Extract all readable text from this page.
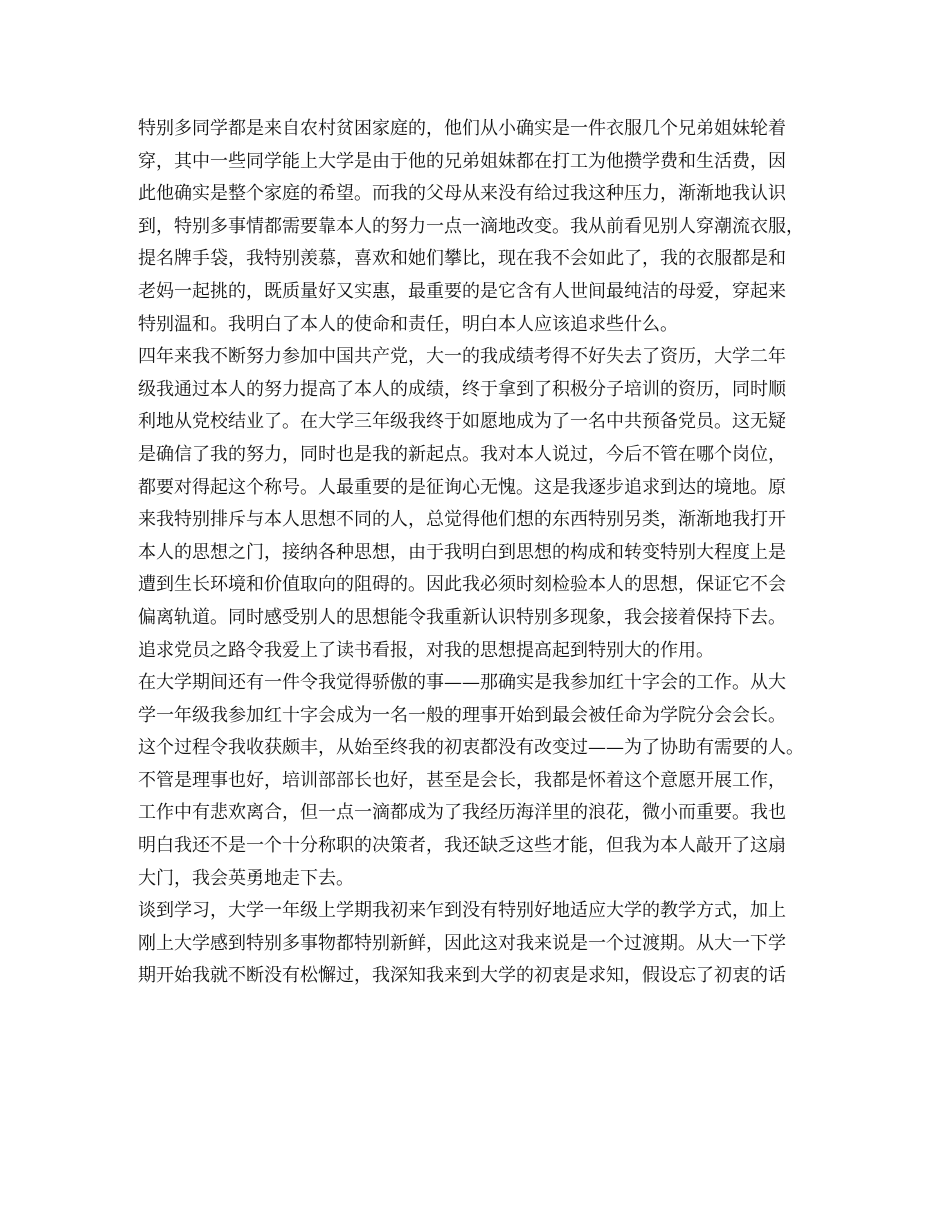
特别多同学都是来自农村贫困家庭的，他们从小确实是一件衣服几个兄弟姐妹轮着
穿，其中一些同学能上大学是由于他的兄弟姐妹都在打工为他攒学费和生活费，因
此他确实是整个家庭的希望。而我的父母从来没有给过我这种压力，渐渐地我认识
到，特别多事情都需要靠本人的努力一点一滴地改变。我从前看见别人穿潮流衣服，
提名牌手袋，我特别羡慕，喜欢和她们攀比，现在我不会如此了，我的衣服都是和
老妈一起挑的，既质量好又实惠，最重要的是它含有人世间最纯洁的母爱，穿起来
特别温和。我明白了本人的使命和责任，明白本人应该追求些什么。
四年来我不断努力参加中国共产党，大一的我成绩考得不好失去了资历，大学二年
级我通过本人的努力提高了本人的成绩，终于拿到了积极分子培训的资历，同时顺
利地从党校结业了。在大学三年级我终于如愿地成为了一名中共预备党员。这无疑
是确信了我的努力，同时也是我的新起点。我对本人说过，今后不管在哪个岗位，
都要对得起这个称号。人最重要的是征询心无愧。这是我逐步追求到达的境地。原
来我特别排斥与本人思想不同的人，总觉得他们想的东西特别另类，渐渐地我打开
本人的思想之门，接纳各种思想，由于我明白到思想的构成和转变特别大程度上是
遭到生长环境和价值取向的阻碍的。因此我必须时刻检验本人的思想，保证它不会
偏离轨道。同时感受别人的思想能令我重新认识特别多现象，我会接着保持下去。
追求党员之路令我爱上了读书看报，对我的思想提高起到特别大的作用。
在大学期间还有一件令我觉得骄傲的事——那确实是我参加红十字会的工作。从大
学一年级我参加红十字会成为一名一般的理事开始到最会被任命为学院分会会长。
这个过程令我收获颇丰，从始至终我的初衷都没有改变过——为了协助有需要的人。
不管是理事也好，培训部部长也好，甚至是会长，我都是怀着这个意愿开展工作，
工作中有悲欢离合，但一点一滴都成为了我经历海洋里的浪花，微小而重要。我也
明白我还不是一个十分称职的决策者，我还缺乏这些才能，但我为本人敲开了这扇
大门，我会英勇地走下去。
谈到学习，大学一年级上学期我初来乍到没有特别好地适应大学的教学方式，加上
刚上大学感到特别多事物都特别新鲜，因此这对我来说是一个过渡期。从大一下学
期开始我就不断没有松懈过，我深知我来到大学的初衷是求知，假设忘了初衷的话
